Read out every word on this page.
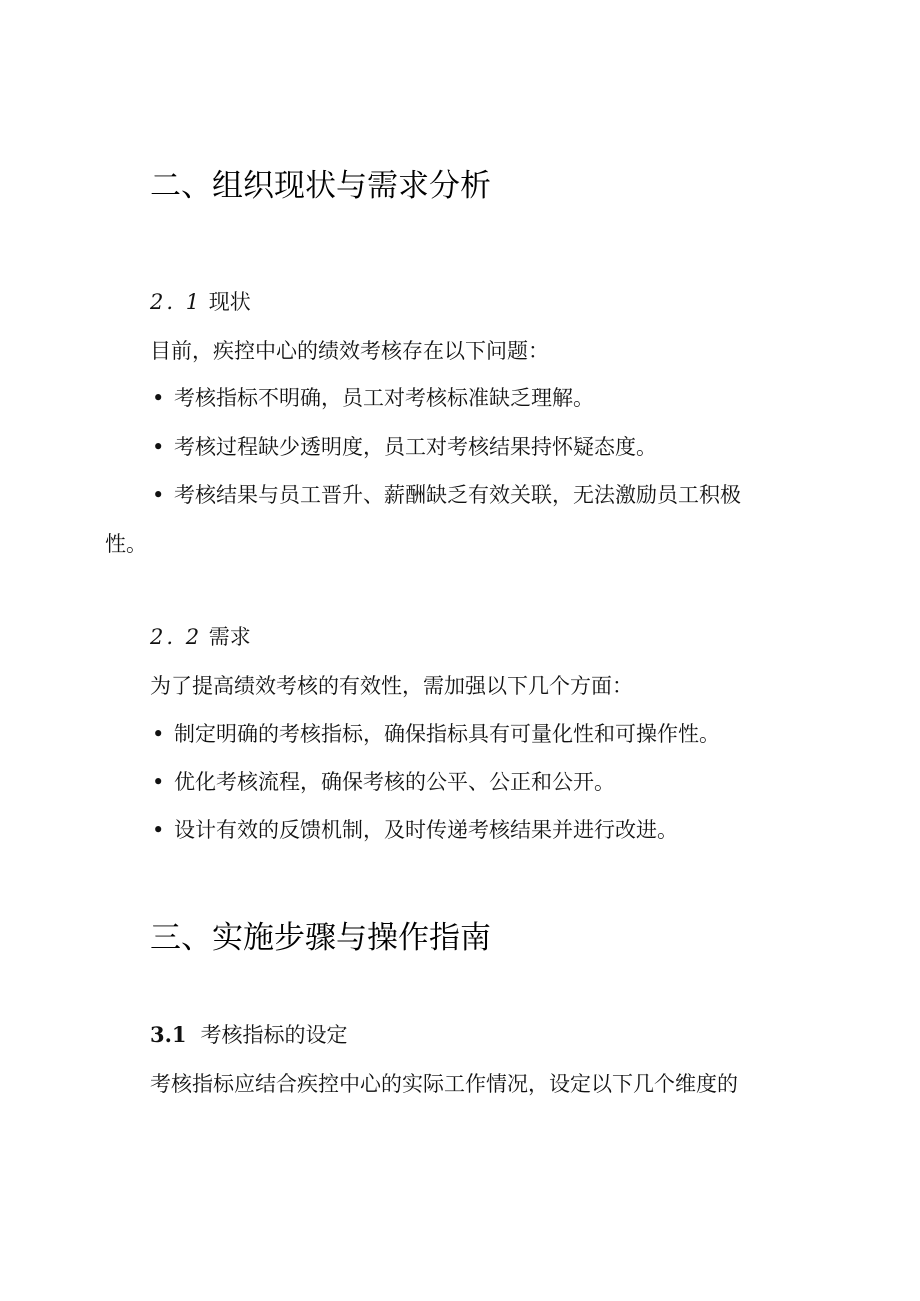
二、组织现状与需求分析
2. 1 现状
目前，疾控中心的绩效考核存在以下问题：
• 考核指标不明确，员工对考核标准缺乏理解。
• 考核过程缺少透明度，员工对考核结果持怀疑态度。
• 考核结果与员工晋升、薪酬缺乏有效关联，无法激励员工积极
性。
2. 2 需求
为了提高绩效考核的有效性，需加强以下几个方面：
• 制定明确的考核指标，确保指标具有可量化性和可操作性。
• 优化考核流程，确保考核的公平、公正和公开。
• 设计有效的反馈机制，及时传递考核结果并进行改进。
三、实施步骤与操作指南
3.1 考核指标的设定
考核指标应结合疾控中心的实际工作情况，设定以下几个维度的
